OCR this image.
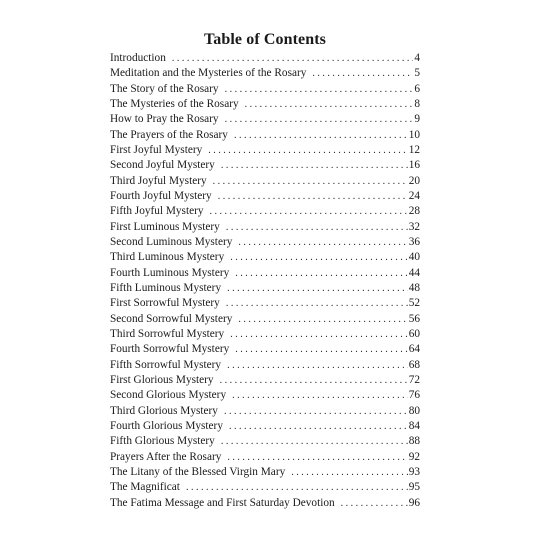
Table of Contents
Introduction . . .	4
Meditation and the Mysteries of the Rosary . . .	5
The Story of the Rosary . . .	6
The Mysteries of the Rosary . . .	8
How to Pray the Rosary . . .	9
The Prayers of the Rosary . . .	10
First Joyful Mystery . . .	12
Second Joyful Mystery . . .	16
Third Joyful Mystery . . .	20
Fourth Joyful Mystery . . .	24
Fifth Joyful Mystery . . .	28
First Luminous Mystery . . .	32
Second Luminous Mystery . . .	36
Third Luminous Mystery . . .	40
Fourth Luminous Mystery . . .	44
Fifth Luminous Mystery . . .	48
First Sorrowful Mystery . . .	52
Second Sorrowful Mystery . . .	56
Third Sorrowful Mystery . . .	60
Fourth Sorrowful Mystery . . .	64
Fifth Sorrowful Mystery . . .	68
First Glorious Mystery . . .	72
Second Glorious Mystery . . .	76
Third Glorious Mystery . . .	80
Fourth Glorious Mystery . . .	84
Fifth Glorious Mystery . . .	88
Prayers After the Rosary . . .	92
The Litany of the Blessed Virgin Mary . . .	93
The Magnificat . . .	95
The Fatima Message and First Saturday Devotion . . .	96
